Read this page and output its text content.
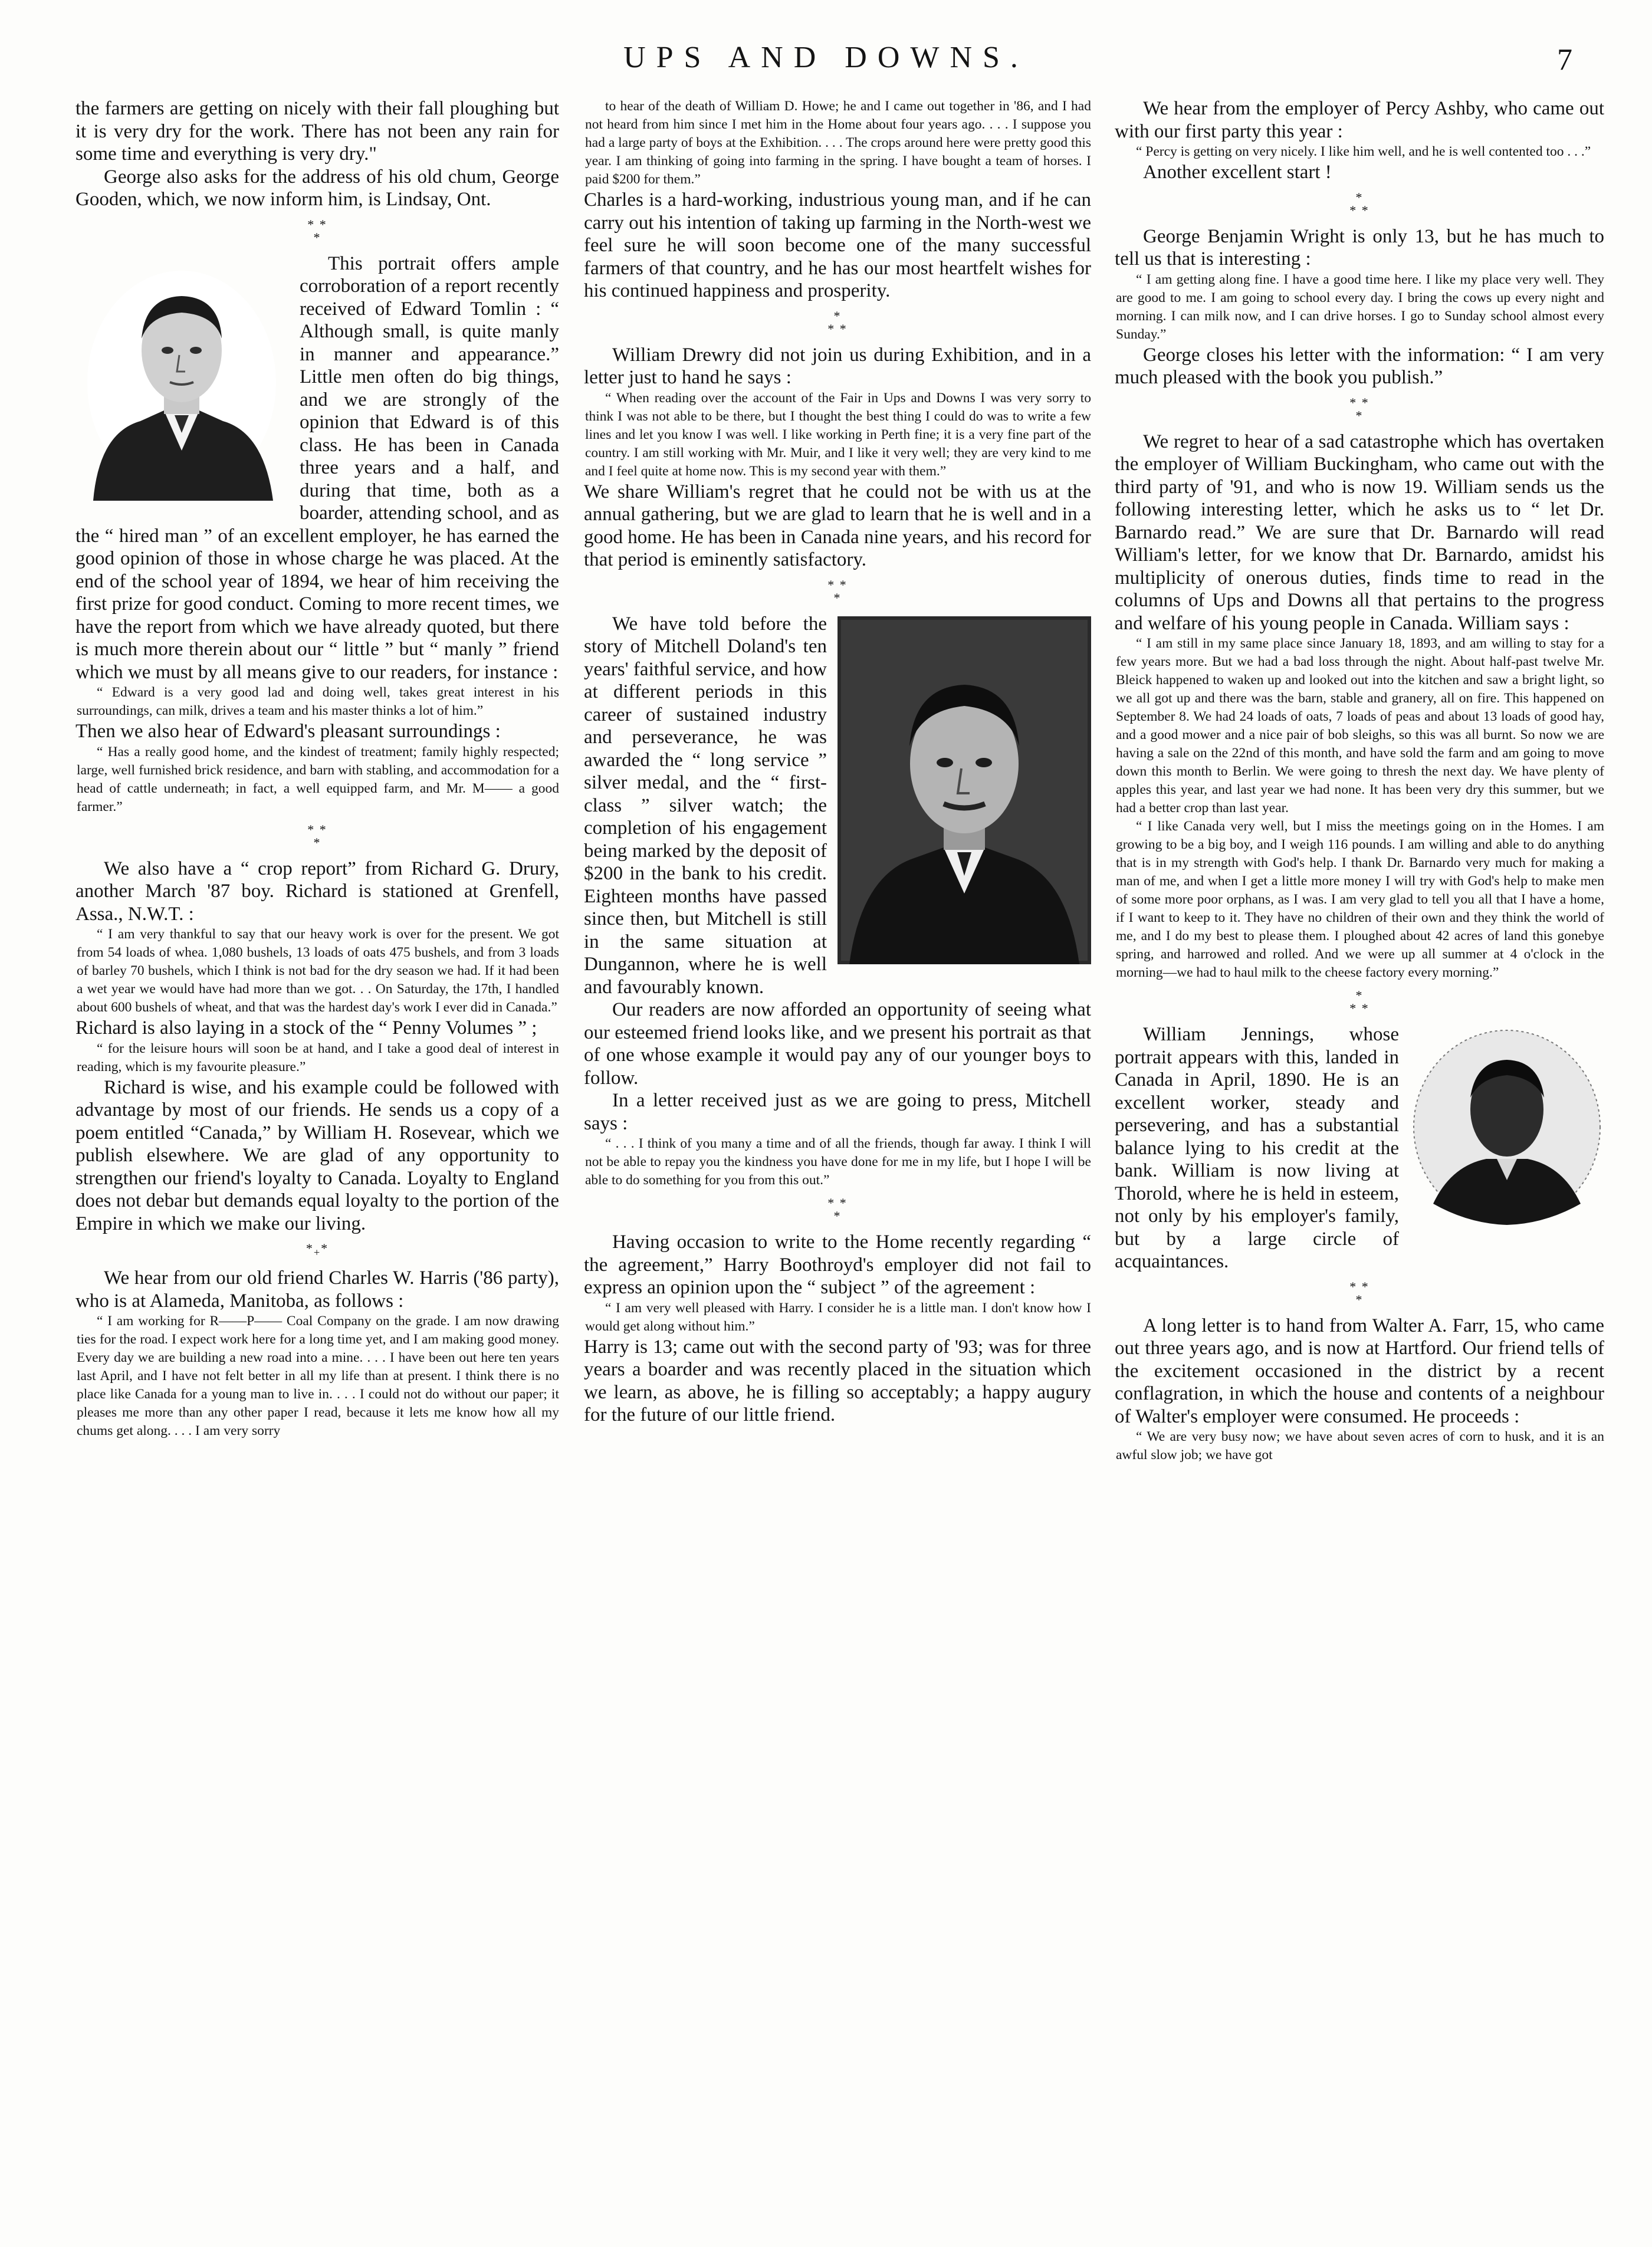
UPS AND DOWNS.	7

the farmers are getting on nicely with their fall ploughing but it is very dry for the work. There has not been any rain for some time and everything is very dry."

George also asks for the address of his old chum, George Gooden, which, we now inform him, is Lindsay, Ont.

* *
*

This portrait offers ample corroboration of a report recently received of Edward Tomlin : “ Although small, is quite manly in manner and appearance.” Little men often do big things, and we are strongly of the opinion that Edward is of this class. He has been in Canada three years and a half, and during that time, both as a boarder, attending school, and as the “ hired man ” of an excellent employer, he has earned the good opinion of those in whose charge he was placed. At the end of the school year of 1894, we hear of him receiving the first prize for good conduct. Coming to more recent times, we have the report from which we have already quoted, but there is much more therein about our “ little ” but “ manly ” friend which we must by all means give to our readers, for instance :

“ Edward is a very good lad and doing well, takes great interest in his surroundings, can milk, drives a team and his master thinks a lot of him.”

Then we also hear of Edward's pleasant surroundings :

“ Has a really good home, and the kindest of treatment; family highly respected; large, well furnished brick residence, and barn with stabling, and accommodation for a head of cattle underneath; in fact, a well equipped farm, and Mr. M—— a good farmer.”

* *
*

We also have a “ crop report” from Richard G. Drury, another March '87 boy. Richard is stationed at Grenfell, Assa., N.W.T. :

“ I am very thankful to say that our heavy work is over for the present. We got from 54 loads of whea. 1,080 bushels, 13 loads of oats 475 bushels, and from 3 loads of barley 70 bushels, which I think is not bad for the dry season we had. If it had been a wet year we would have had more than we got. . . On Saturday, the 17th, I handled about 600 bushels of wheat, and that was the hardest day's work I ever did in Canada.”

Richard is also laying in a stock of the “ Penny Volumes ” ;

“ for the leisure hours will soon be at hand, and I take a good deal of interest in reading, which is my favourite pleasure.”

Richard is wise, and his example could be followed with advantage by most of our friends. He sends us a copy of a poem entitled “Canada,” by William H. Rosevear, which we publish elsewhere. We are glad of any opportunity to strengthen our friend's loyalty to Canada. Loyalty to England does not debar but demands equal loyalty to the portion of the Empire in which we make our living.

$*_+*$

We hear from our old friend Charles W. Harris ('86 party), who is at Alameda, Manitoba, as follows :

“ I am working for R——P—— Coal Company on the grade. I am now drawing ties for the road. I expect work here for a long time yet, and I am making good money. Every day we are building a new road into a mine. . . . I have been out here ten years last April, and I have not felt better in all my life than at present. I think there is no place like Canada for a young man to live in. . . . I could not do without our paper; it pleases me more than any other paper I read, because it lets me know how all my chums get along. . . . I am very sorry

to hear of the death of William D. Howe; he and I came out together in '86, and I had not heard from him since I met him in the Home about four years ago. . . . I suppose you had a large party of boys at the Exhibition. . . . The crops around here were pretty good this year. I am thinking of going into farming in the spring. I have bought a team of horses. I paid $200 for them.”

Charles is a hard-working, industrious young man, and if he can carry out his intention of taking up farming in the North-west we feel sure he will soon become one of the many successful farmers of that country, and he has our most heartfelt wishes for his continued happiness and prosperity.

*
* *

William Drewry did not join us during Exhibition, and in a letter just to hand he says :

“ When reading over the account of the Fair in Ups and Downs I was very sorry to think I was not able to be there, but I thought the best thing I could do was to write a few lines and let you know I was well. I like working in Perth fine; it is a very fine part of the country. I am still working with Mr. Muir, and I like it very well; they are very kind to me and I feel quite at home now. This is my second year with them.”

We share William's regret that he could not be with us at the annual gathering, but we are glad to learn that he is well and in a good home. He has been in Canada nine years, and his record for that period is eminently satisfactory.

* *
*

We have told before the story of Mitchell Doland's ten years' faithful service, and how at different periods in this career of sustained industry and perseverance, he was awarded the “ long service ” silver medal, and the “ first-class ” silver watch; the completion of his engagement being marked by the deposit of $200 in the bank to his credit. Eighteen months have passed since then, but Mitchell is still in the same situation at Dungannon, where he is well and favourably known.

Our readers are now afforded an opportunity of seeing what our esteemed friend looks like, and we present his portrait as that of one whose example it would pay any of our younger boys to follow.

In a letter received just as we are going to press, Mitchell says :

“ . . . I think of you many a time and of all the friends, though far away. I think I will not be able to repay you the kindness you have done for me in my life, but I hope I will be able to do something for you from this out.”

* *
*

Having occasion to write to the Home recently regarding “ the agreement,” Harry Boothroyd's employer did not fail to express an opinion upon the “ subject ” of the agreement :

“ I am very well pleased with Harry. I consider he is a little man. I don't know how I would get along without him.”

Harry is 13; came out with the second party of '93; was for three years a boarder and was recently placed in the situation which we learn, as above, he is filling so acceptably; a happy augury for the future of our little friend.

We hear from the employer of Percy Ashby, who came out with our first party this year :

“ Percy is getting on very nicely. I like him well, and he is well contented too . . .”

Another excellent start !

*
* *

George Benjamin Wright is only 13, but he has much to tell us that is interesting :

“ I am getting along fine. I have a good time here. I like my place very well. They are good to me. I am going to school every day. I bring the cows up every night and morning. I can milk now, and I can drive horses. I go to Sunday school almost every Sunday.”

George closes his letter with the information: “ I am very much pleased with the book you publish.”

* *
*

We regret to hear of a sad catastrophe which has overtaken the employer of William Buckingham, who came out with the third party of '91, and who is now 19. William sends us the following interesting letter, which he asks us to “ let Dr. Barnardo read.” We are sure that Dr. Barnardo will read William's letter, for we know that Dr. Barnardo, amidst his multiplicity of onerous duties, finds time to read in the columns of Ups and Downs all that pertains to the progress and welfare of his young people in Canada. William says :

“ I am still in my same place since January 18, 1893, and am willing to stay for a few years more. But we had a bad loss through the night. About half-past twelve Mr. Bleick happened to waken up and looked out into the kitchen and saw a bright light, so we all got up and there was the barn, stable and granery, all on fire. This happened on September 8. We had 24 loads of oats, 7 loads of peas and about 13 loads of good hay, and a good mower and a nice pair of bob sleighs, so this was all burnt. So now we are having a sale on the 22nd of this month, and have sold the farm and am going to move down this month to Berlin. We were going to thresh the next day. We have plenty of apples this year, and last year we had none. It has been very dry this summer, but we had a better crop than last year.

“ I like Canada very well, but I miss the meetings going on in the Homes. I am growing to be a big boy, and I weigh 116 pounds. I am willing and able to do anything that is in my strength with God's help. I thank Dr. Barnardo very much for making a man of me, and when I get a little more money I will try with God's help to make men of some more poor orphans, as I was. I am very glad to tell you all that I have a home, if I want to keep to it. They have no children of their own and they think the world of me, and I do my best to please them. I ploughed about 42 acres of land this gonebye spring, and harrowed and rolled. And we were up all summer at 4 o'clock in the morning—we had to haul milk to the cheese factory every morning.”

*
* *

William Jennings, whose portrait appears with this, landed in Canada in April, 1890. He is an excellent worker, steady and persevering, and has a substantial balance lying to his credit at the bank. William is now living at Thorold, where he is held in esteem, not only by his employer's family, but by a large circle of acquaintances.

* *
*

A long letter is to hand from Walter A. Farr, 15, who came out three years ago, and is now at Hartford. Our friend tells of the excitement occasioned in the district by a recent conflagration, in which the house and contents of a neighbour of Walter's employer were consumed. He proceeds :

“ We are very busy now; we have about seven acres of corn to husk, and it is an awful slow job; we have got
